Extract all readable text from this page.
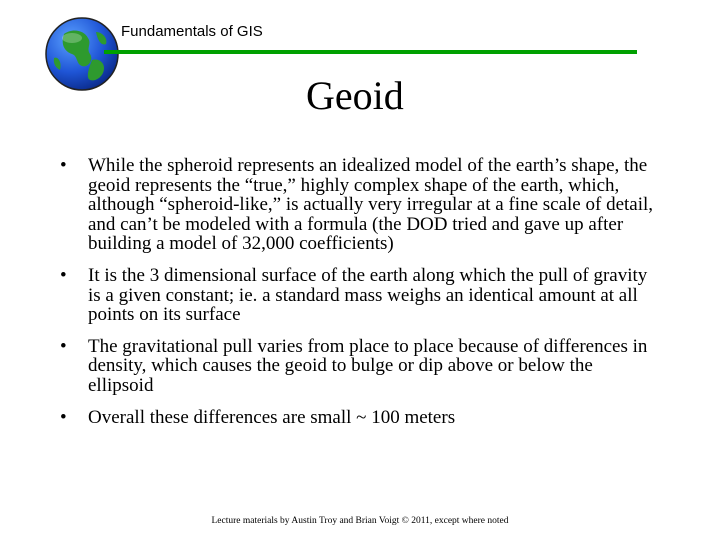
Fundamentals of GIS
Geoid
•	While the spheroid represents an idealized model of the earth’s shape, the geoid represents the “true,” highly complex shape of the earth, which, although “spheroid-like,” is actually very irregular at a fine scale of detail, and can’t be modeled with a formula (the DOD tried and gave up after building a model of 32,000 coefficients)
•	It is the 3 dimensional surface of the earth along which the pull of gravity is a given constant; ie. a standard mass weighs an identical amount at all points on its surface
•	The gravitational pull varies from place to place because of differences in density, which causes the geoid to bulge or dip above or below the ellipsoid
•	Overall these differences are small ~ 100 meters
Lecture materials by Austin Troy and Brian Voigt © 2011, except where noted
